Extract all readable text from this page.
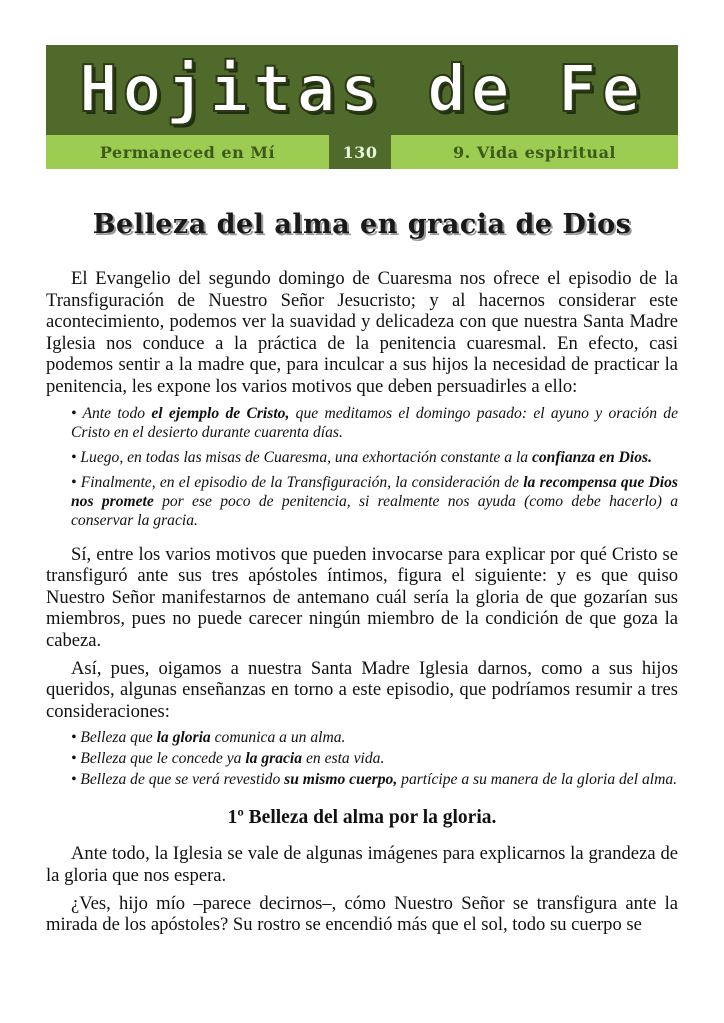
Hojitas de Fe
Permaneced en Mí	130	9. Vida espiritual
Belleza del alma en gracia de Dios

El Evangelio del segundo domingo de Cuaresma nos ofrece el episodio de la Transfiguración de Nuestro Señor Jesucristo; y al hacernos considerar este acontecimiento, podemos ver la suavidad y delicadeza con que nuestra Santa Madre Iglesia nos conduce a la práctica de la penitencia cuaresmal. En efecto, casi podemos sentir a la madre que, para inculcar a sus hijos la necesidad de practicar la penitencia, les expone los varios motivos que deben persuadirles a ello:

• Ante todo el ejemplo de Cristo, que meditamos el domingo pasado: el ayuno y oración de Cristo en el desierto durante cuarenta días.
• Luego, en todas las misas de Cuaresma, una exhortación constante a la confianza en Dios.
• Finalmente, en el episodio de la Transfiguración, la consideración de la recompensa que Dios nos promete por ese poco de penitencia, si realmente nos ayuda (como debe hacerlo) a conservar la gracia.

Sí, entre los varios motivos que pueden invocarse para explicar por qué Cristo se transfiguró ante sus tres apóstoles íntimos, figura el siguiente: y es que quiso Nuestro Señor manifestarnos de antemano cuál sería la gloria de que gozarían sus miembros, pues no puede carecer ningún miembro de la condición de que goza la cabeza.

Así, pues, oigamos a nuestra Santa Madre Iglesia darnos, como a sus hijos queridos, algunas enseñanzas en torno a este episodio, que podríamos resumir a tres consideraciones:

• Belleza que la gloria comunica a un alma.
• Belleza que le concede ya la gracia en esta vida.
• Belleza de que se verá revestido su mismo cuerpo, partícipe a su manera de la gloria del alma.
1º Belleza del alma por la gloria.

Ante todo, la Iglesia se vale de algunas imágenes para explicarnos la grandeza de la gloria que nos espera.

¿Ves, hijo mío –parece decirnos–, cómo Nuestro Señor se transfigura ante la mirada de los apóstoles? Su rostro se encendió más que el sol, todo su cuerpo se
